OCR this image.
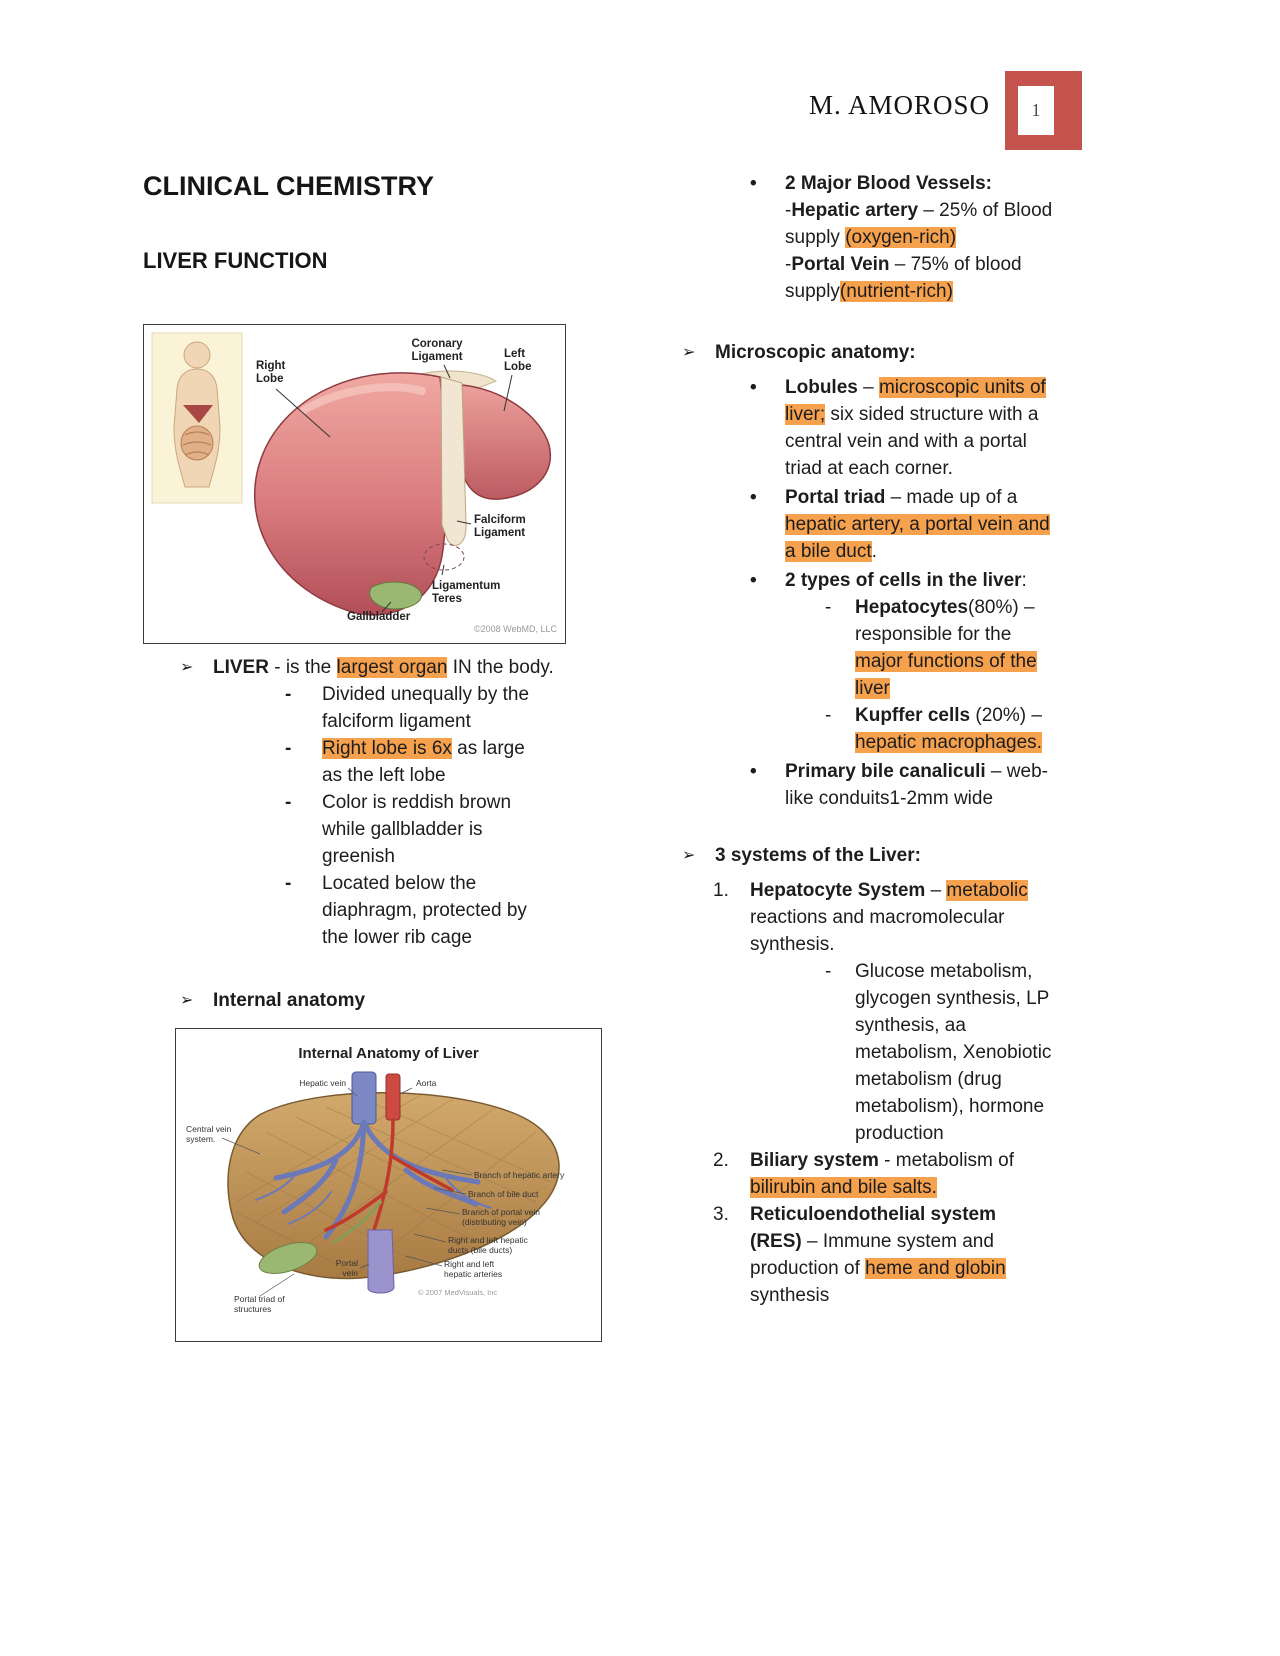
M. AMOROSO	1
CLINICAL CHEMISTRY
LIVER FUNCTION
Right
Lobe
Coronary
Ligament	Left
Lobe
Falciform
Ligament
Ligamentum
Teres
Gallbladder
©2008 WebMD, LLC
➢	LIVER - is the largest organ IN the body.
-	Divided unequally by the falciform ligament
-	Right lobe is 6x as large as the left lobe
-	Color is reddish brown while gallbladder is greenish
-	Located below the diaphragm, protected by the lower rib cage
➢	Internal anatomy
Internal Anatomy of Liver
Hepatic vein	Aorta
Central vein
system.
Branch of hepatic artery
Branch of bile duct
Branch of portal vein
(distributing vein)
Right and left hepatic
ducts (bile ducts)
Right and left
hepatic arteries
Portal
vein
Portal triad of
structures
© 2007 MedVisuals, Inc
•	2 Major Blood Vessels:
-Hepatic artery – 25% of Blood supply (oxygen-rich)
-Portal Vein – 75% of blood supply(nutrient-rich)
➢	Microscopic anatomy:
•	Lobules – microscopic units of liver; six sided structure with a central vein and with a portal triad at each corner.
•	Portal triad – made up of a hepatic artery, a portal vein and a bile duct.
•	2 types of cells in the liver:
-	Hepatocytes(80%) – responsible for the major functions of the liver
-	Kupffer cells (20%) – hepatic macrophages.
•	Primary bile canaliculi – web-like conduits1-2mm wide
➢	3 systems of the Liver:
1.	Hepatocyte System – metabolic reactions and macromolecular synthesis.
-	Glucose metabolism, glycogen synthesis, LP synthesis, aa metabolism, Xenobiotic metabolism (drug metabolism), hormone production
2.	Biliary system - metabolism of bilirubin and bile salts.
3.	Reticuloendothelial system (RES) – Immune system and production of heme and globin synthesis
